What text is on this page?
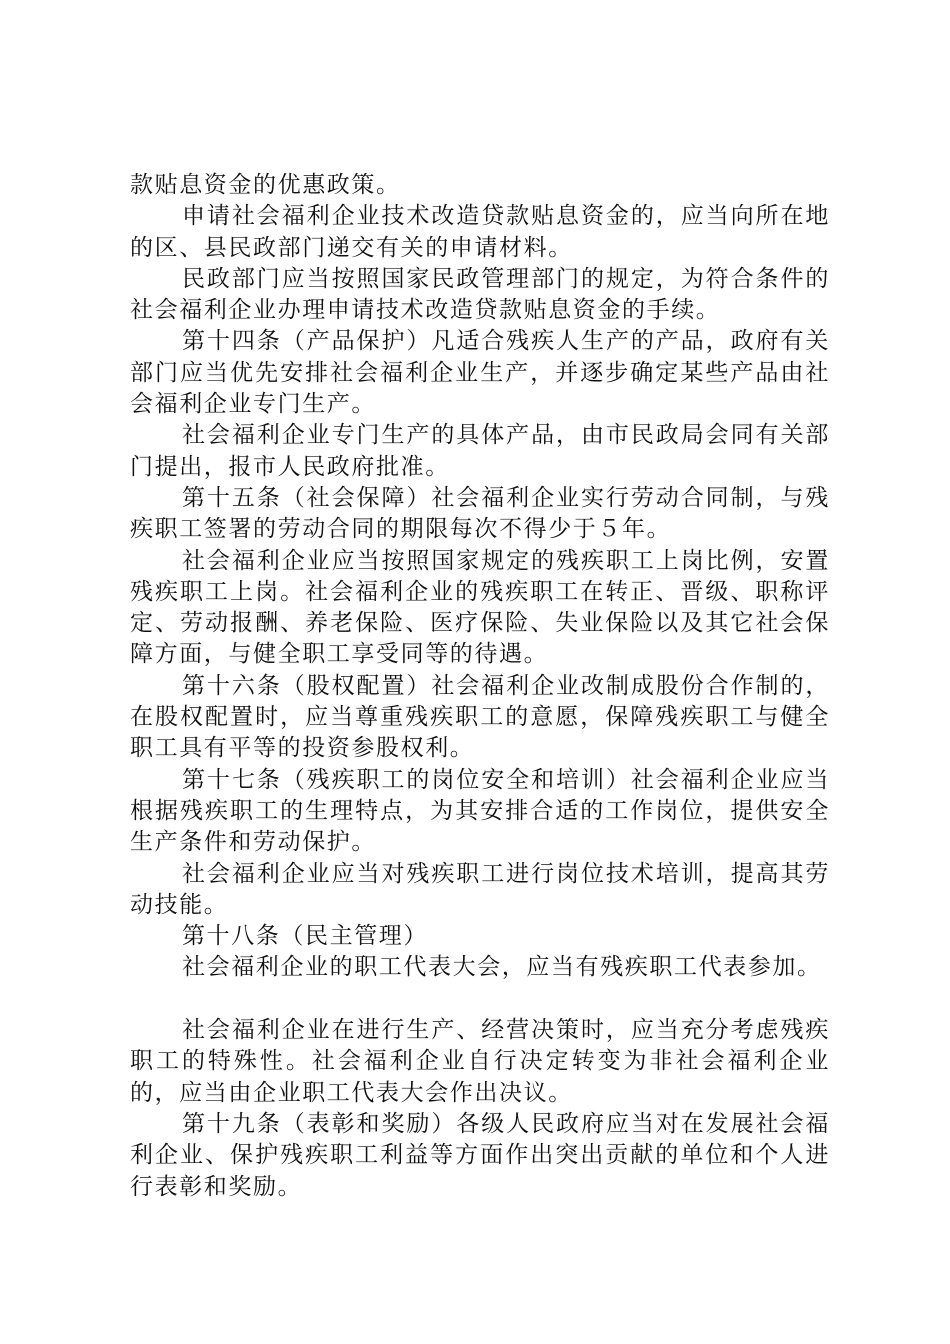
款贴息资金的优惠政策。

申请社会福利企业技术改造贷款贴息资金的，应当向所在地的区、县民政部门递交有关的申请材料。

民政部门应当按照国家民政管理部门的规定，为符合条件的社会福利企业办理申请技术改造贷款贴息资金的手续。

第十四条（产品保护）凡适合残疾人生产的产品，政府有关部门应当优先安排社会福利企业生产，并逐步确定某些产品由社会福利企业专门生产。

社会福利企业专门生产的具体产品，由市民政局会同有关部门提出，报市人民政府批准。

第十五条（社会保障）社会福利企业实行劳动合同制，与残疾职工签署的劳动合同的期限每次不得少于５年。

社会福利企业应当按照国家规定的残疾职工上岗比例，安置残疾职工上岗。社会福利企业的残疾职工在转正、晋级、职称评定、劳动报酬、养老保险、医疗保险、失业保险以及其它社会保障方面，与健全职工享受同等的待遇。

第十六条（股权配置）社会福利企业改制成股份合作制的，在股权配置时，应当尊重残疾职工的意愿，保障残疾职工与健全职工具有平等的投资参股权利。

第十七条（残疾职工的岗位安全和培训）社会福利企业应当根据残疾职工的生理特点，为其安排合适的工作岗位，提供安全生产条件和劳动保护。

社会福利企业应当对残疾职工进行岗位技术培训，提高其劳动技能。

第十八条（民主管理）

社会福利企业的职工代表大会，应当有残疾职工代表参加。

社会福利企业在进行生产、经营决策时，应当充分考虑残疾职工的特殊性。社会福利企业自行决定转变为非社会福利企业的，应当由企业职工代表大会作出决议。

第十九条（表彰和奖励）各级人民政府应当对在发展社会福利企业、保护残疾职工利益等方面作出突出贡献的单位和个人进行表彰和奖励。
